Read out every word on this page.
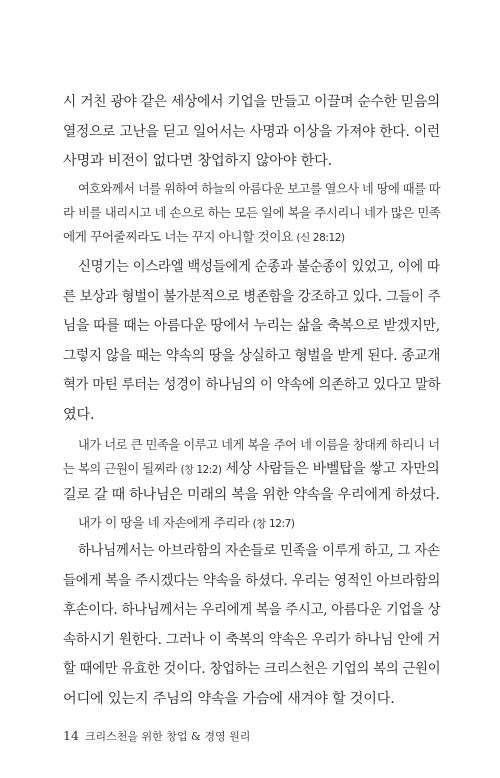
시 거친 광야 같은 세상에서 기업을 만들고 이끌며 순수한 믿음의

열정으로 고난을 딛고 일어서는 사명과 이상을 가져야 한다. 이런

사명과 비전이 없다면 창업하지 않아야 한다.

여호와께서 너를 위하여 하늘의 아름다운 보고를 열으사 네 땅에 때를 따

라 비를 내리시고 네 손으로 하는 모든 일에 복을 주시리니 네가 많은 민족

에게 꾸어줄찌라도 너는 꾸지 아니할 것이요 (신 28:12)

신명기는 이스라엘 백성들에게 순종과 불순종이 있었고, 이에 따

른 보상과 형벌이 불가분적으로 병존함을 강조하고 있다. 그들이 주

님을 따를 때는 아름다운 땅에서 누리는 삶을 축복으로 받겠지만,

그렇지 않을 때는 약속의 땅을 상실하고 형벌을 받게 된다. 종교개

혁가 마틴 루터는 성경이 하나님의 이 약속에 의존하고 있다고 말하

였다.

내가 너로 큰 민족을 이루고 네게 복을 주어 네 이름을 창대케 하리니 너

는 복의 근원이 될찌라 (창 12:2) 세상 사람들은 바벨탑을 쌓고 자만의

길로 갈 때 하나님은 미래의 복을 위한 약속을 우리에게 하셨다.

내가 이 땅을 네 자손에게 주리라 (창 12:7)

하나님께서는 아브라함의 자손들로 민족을 이루게 하고, 그 자손

들에게 복을 주시겠다는 약속을 하셨다. 우리는 영적인 아브라함의

후손이다. 하나님께서는 우리에게 복을 주시고, 아름다운 기업을 상

속하시기 원한다. 그러나 이 축복의 약속은 우리가 하나님 안에 거

할 때에만 유효한 것이다. 창업하는 크리스천은 기업의 복의 근원이

어디에 있는지 주님의 약속을 가슴에 새겨야 할 것이다.

14 크리스천을 위한 창업 & 경영 원리
